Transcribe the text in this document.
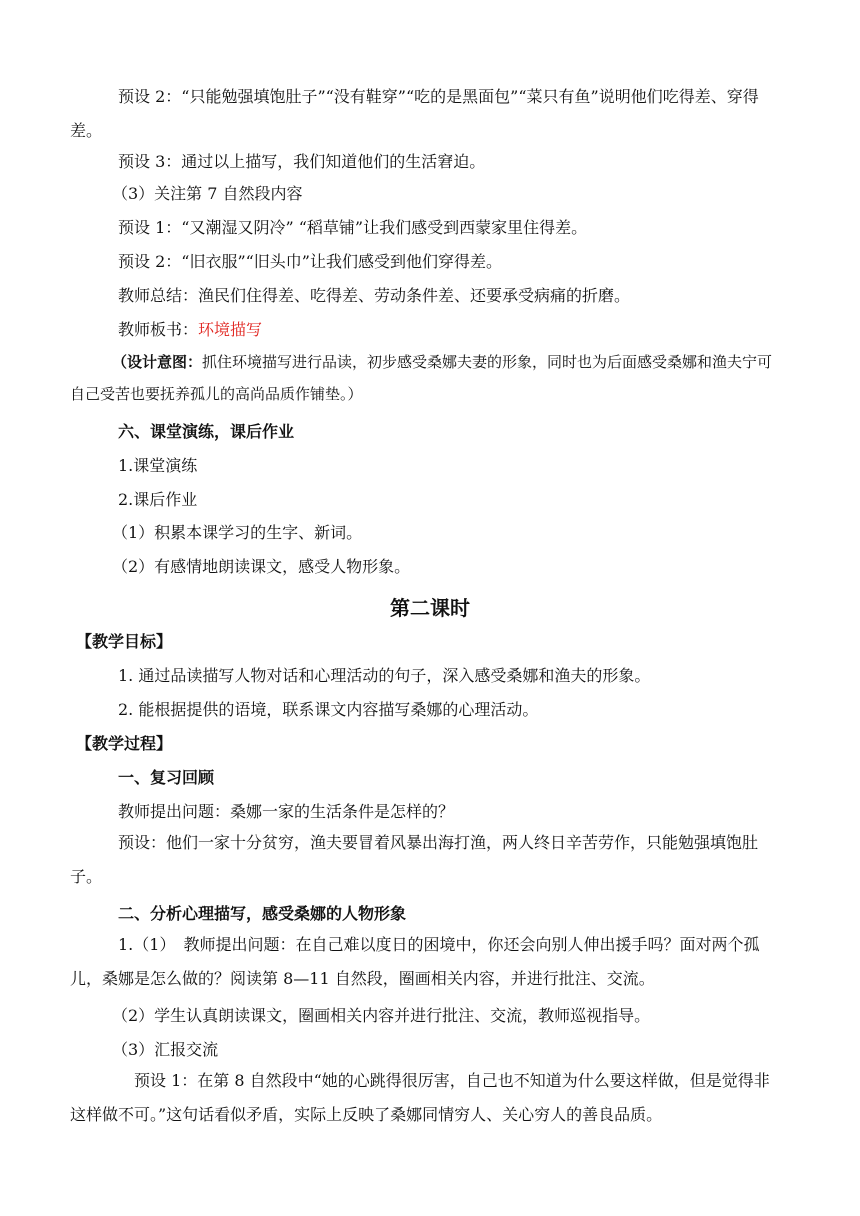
预设 2：“只能勉强填饱肚子”“没有鞋穿”“吃的是黑面包”“菜只有鱼”说明他们吃得差、穿得差。

预设 3：通过以上描写，我们知道他们的生活窘迫。

（3）关注第 7 自然段内容

预设 1：“又潮湿又阴冷” “稻草铺”让我们感受到西蒙家里住得差。

预设 2：“旧衣服”“旧头巾”让我们感受到他们穿得差。

教师总结：渔民们住得差、吃得差、劳动条件差、还要承受病痛的折磨。

教师板书：环境描写

（设计意图：抓住环境描写进行品读，初步感受桑娜夫妻的形象，同时也为后面感受桑娜和渔夫宁可自己受苦也要抚养孤儿的高尚品质作铺垫。）

六、课堂演练，课后作业

1.课堂演练

2.课后作业

（1）积累本课学习的生字、新词。

（2）有感情地朗读课文，感受人物形象。

第二课时

【教学目标】

1. 通过品读描写人物对话和心理活动的句子，深入感受桑娜和渔夫的形象。

2. 能根据提供的语境，联系课文内容描写桑娜的心理活动。

【教学过程】

一、复习回顾

教师提出问题：桑娜一家的生活条件是怎样的？

预设：他们一家十分贫穷，渔夫要冒着风暴出海打渔，两人终日辛苦劳作，只能勉强填饱肚子。

二、分析心理描写，感受桑娜的人物形象

1.（1）　教师提出问题：在自己难以度日的困境中，你还会向别人伸出援手吗？面对两个孤儿，桑娜是怎么做的？阅读第 8—11 自然段，圈画相关内容，并进行批注、交流。

（2）学生认真朗读课文，圈画相关内容并进行批注、交流，教师巡视指导。

（3）汇报交流

预设 1：在第 8 自然段中“她的心跳得很厉害，自己也不知道为什么要这样做，但是觉得非这样做不可。”这句话看似矛盾，实际上反映了桑娜同情穷人、关心穷人的善良品质。
